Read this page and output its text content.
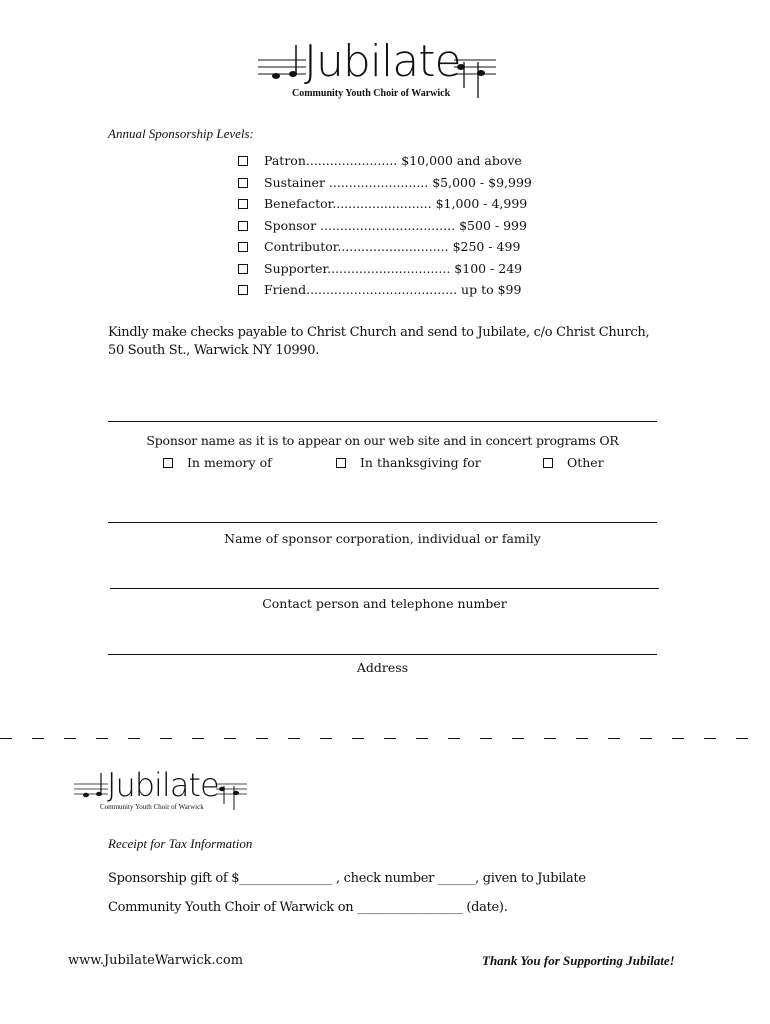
Jubilate
Community Youth Choir of Warwick
Annual Sponsorship Levels:
Patron....................... $10,000 and above
Sustainer ......................... $5,000 - $9,999
Benefactor......................... $1,000 - 4,999
Sponsor .................................. $500 - 999
Contributor............................ $250 - 499
Supporter............................... $100 - 249
Friend...................................... up to $99
Kindly make checks payable to Christ Church and send to Jubilate, c/o Christ Church,
50 South St., Warwick NY 10990.
Sponsor name as it is to appear on our web site and in concert programs OR
In memory of	In thanksgiving for	Other
Name of sponsor corporation, individual or family
Contact person and telephone number
Address
Jubilate
Community Youth Choir of Warwick
Receipt for Tax Information
Sponsorship gift of $_______________ , check number ______, given to Jubilate
Community Youth Choir of Warwick on _________________ (date).
www.JubilateWarwick.com	Thank You for Supporting Jubilate!
